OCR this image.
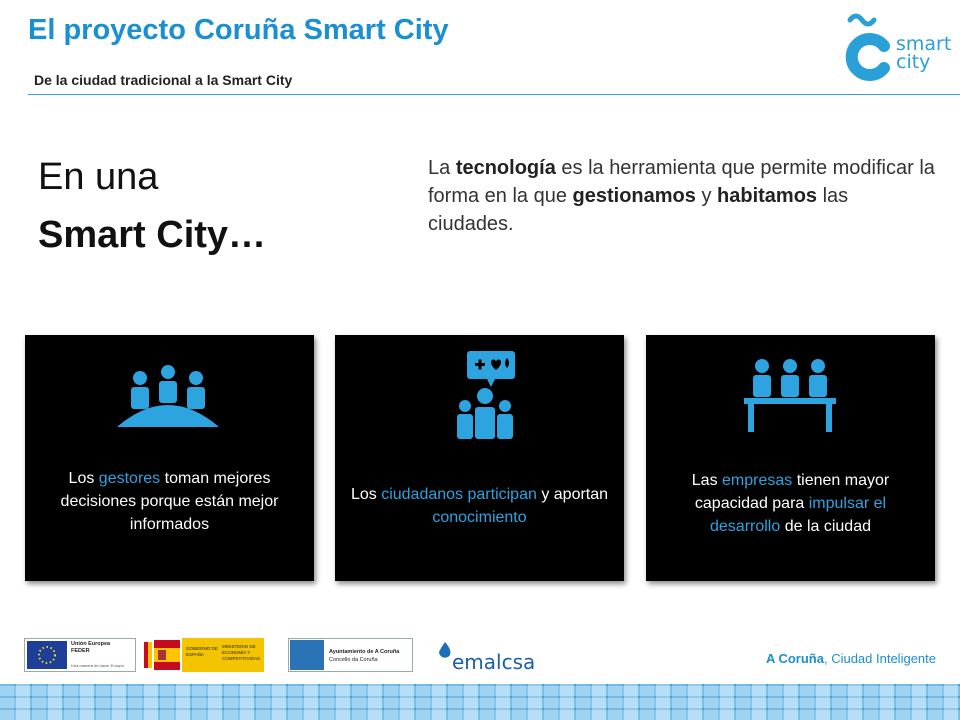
El proyecto Coruña Smart City
De la ciudad tradicional a la Smart City
smart
city
En una
Smart City…
La tecnología es la herramienta que permite modificar la forma en la que gestionamos y habitamos las ciudades.
Los gestores toman mejores decisiones porque están mejor informados
Los ciudadanos participan y aportan conocimiento
Las empresas tienen mayor capacidad para impulsar el desarrollo de la ciudad
Unión Europea
FEDER
Una manera de hacer Europa
GOBIERNO DE ESPAÑA
MINISTERIO DE ECONOMÍA Y COMPETITIVIDAD
Ayuntamiento de A Coruña
Concello da Coruña	emalcsa	A Coruña, Ciudad Inteligente
